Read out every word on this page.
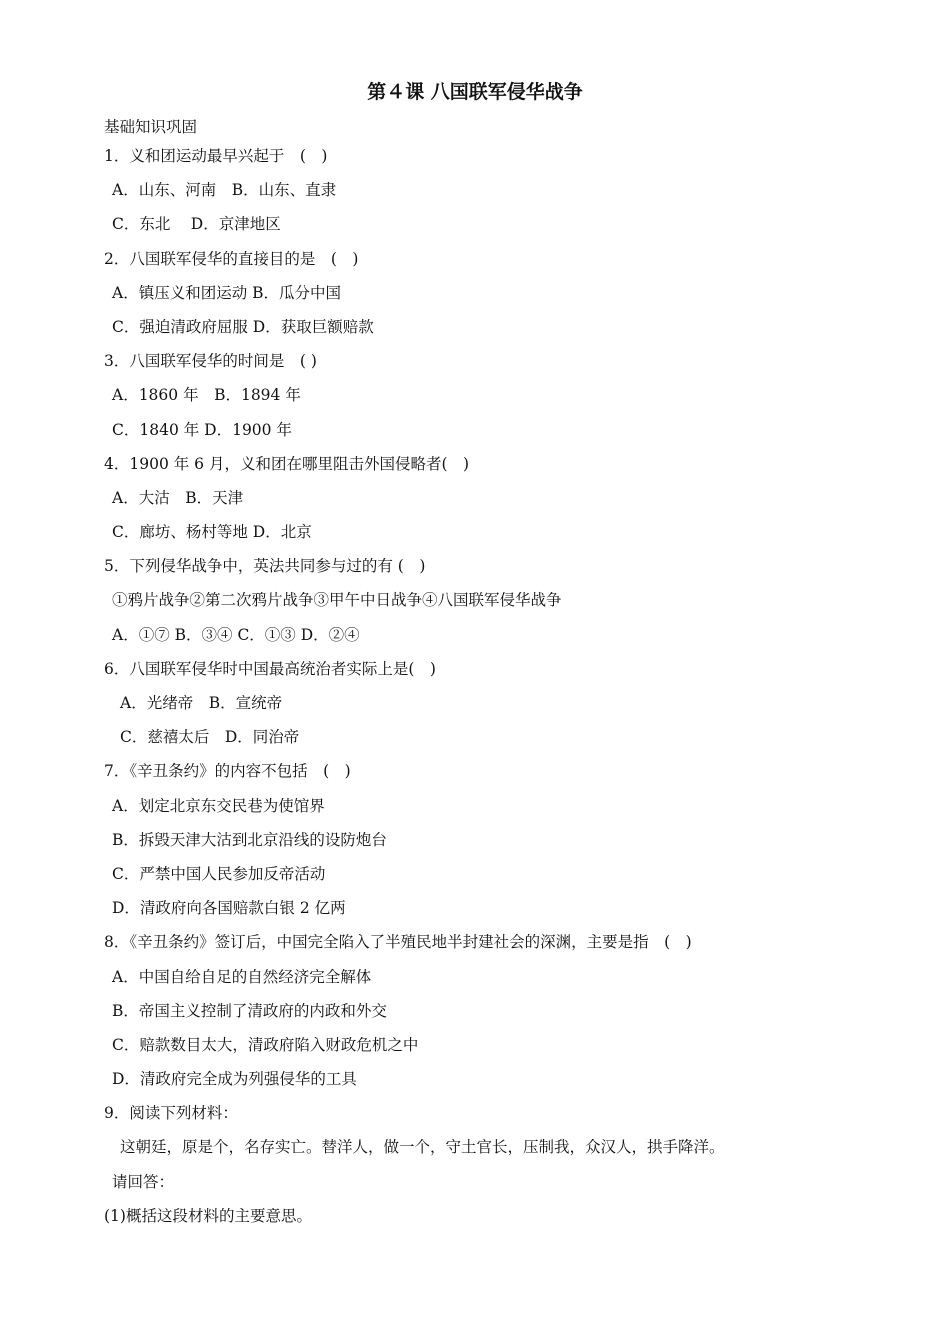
第４课 八国联军侵华战争
基础知识巩固
1．义和团运动最早兴起于　(　)
A．山东、河南　B．山东、直隶
C．东北　 D．京津地区
2．八国联军侵华的直接目的是　(　)
A．镇压义和团运动 B．瓜分中国
C．强迫清政府屈服 D．获取巨额赔款
3．八国联军侵华的时间是　( )
A．1860 年　B．1894 年
C．1840 年 D．1900 年
4．1900 年 6 月，义和团在哪里阻击外国侵略者(　)
A．大沽　B．天津
C．廊坊、杨村等地 D．北京
5．下列侵华战争中，英法共同参与过的有 (　)
①鸦片战争②第二次鸦片战争③甲午中日战争④八国联军侵华战争
A．①⑦ B．③④ C．①③ D．②④
6．八国联军侵华时中国最高统治者实际上是(　)
A．光绪帝　B．宣统帝
C．慈禧太后　D．同治帝
7．《辛丑条约》的内容不包括　(　)
A．划定北京东交民巷为使馆界
B．拆毁天津大沽到北京沿线的设防炮台
C．严禁中国人民参加反帝活动
D．清政府向各国赔款白银 2 亿两
8．《辛丑条约》签订后，中国完全陷入了半殖民地半封建社会的深渊，主要是指　(　)
A．中国自给自足的自然经济完全解体
B．帝国主义控制了清政府的内政和外交
C．赔款数目太大，清政府陷入财政危机之中
D．清政府完全成为列强侵华的工具
9．阅读下列材料：
这朝廷，原是个，名存实亡。替洋人，做一个，守土官长，压制我，众汉人，拱手降洋。
请回答：
(1)概括这段材料的主要意思。
